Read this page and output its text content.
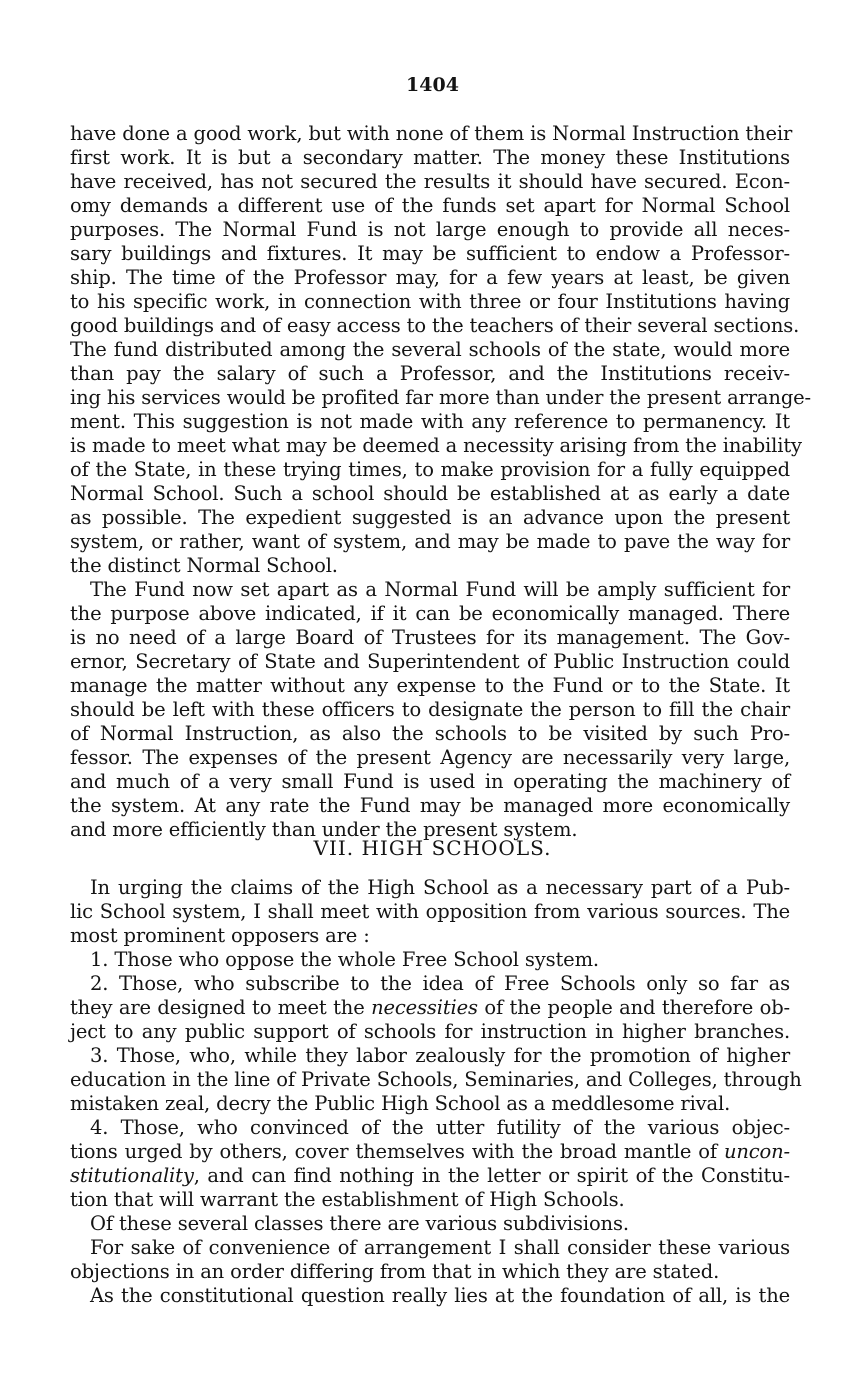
1404
have done a good work, but with none of them is Normal Instruction their
first work. It is but a secondary matter. The money these Institutions
have received, has not secured the results it should have secured. Econ-
omy demands a different use of the funds set apart for Normal School
purposes. The Normal Fund is not large enough to provide all neces-
sary buildings and fixtures. It may be sufficient to endow a Professor-
ship. The time of the Professor may, for a few years at least, be given
to his specific work, in connection with three or four Institutions having
good buildings and of easy access to the teachers of their several sections.
The fund distributed among the several schools of the state, would more
than pay the salary of such a Professor, and the Institutions receiv-
ing his services would be profited far more than under the present arrange-
ment. This suggestion is not made with any reference to permanency. It
is made to meet what may be deemed a necessity arising from the inability
of the State, in these trying times, to make provision for a fully equipped
Normal School. Such a school should be established at as early a date
as possible. The expedient suggested is an advance upon the present
system, or rather, want of system, and may be made to pave the way for
the distinct Normal School.
The Fund now set apart as a Normal Fund will be amply sufficient for
the purpose above indicated, if it can be economically managed. There
is no need of a large Board of Trustees for its management. The Gov-
ernor, Secretary of State and Superintendent of Public Instruction could
manage the matter without any expense to the Fund or to the State. It
should be left with these officers to designate the person to fill the chair
of Normal Instruction, as also the schools to be visited by such Pro-
fessor. The expenses of the present Agency are necessarily very large,
and much of a very small Fund is used in operating the machinery of
the system. At any rate the Fund may be managed more economically
and more efficiently than under the present system.
VII. HIGH SCHOOLS.
In urging the claims of the High School as a necessary part of a Pub-
lic School system, I shall meet with opposition from various sources. The
most prominent opposers are :
1. Those who oppose the whole Free School system.
2. Those, who subscribe to the idea of Free Schools only so far as
they are designed to meet the necessities of the people and therefore ob-
ject to any public support of schools for instruction in higher branches.
3. Those, who, while they labor zealously for the promotion of higher
education in the line of Private Schools, Seminaries, and Colleges, through
mistaken zeal, decry the Public High School as a meddlesome rival.
4. Those, who convinced of the utter futility of the various objec-
tions urged by others, cover themselves with the broad mantle of uncon-
stitutionality, and can find nothing in the letter or spirit of the Constitu-
tion that will warrant the establishment of High Schools.
Of these several classes there are various subdivisions.
For sake of convenience of arrangement I shall consider these various
objections in an order differing from that in which they are stated.
As the constitutional question really lies at the foundation of all, is the
